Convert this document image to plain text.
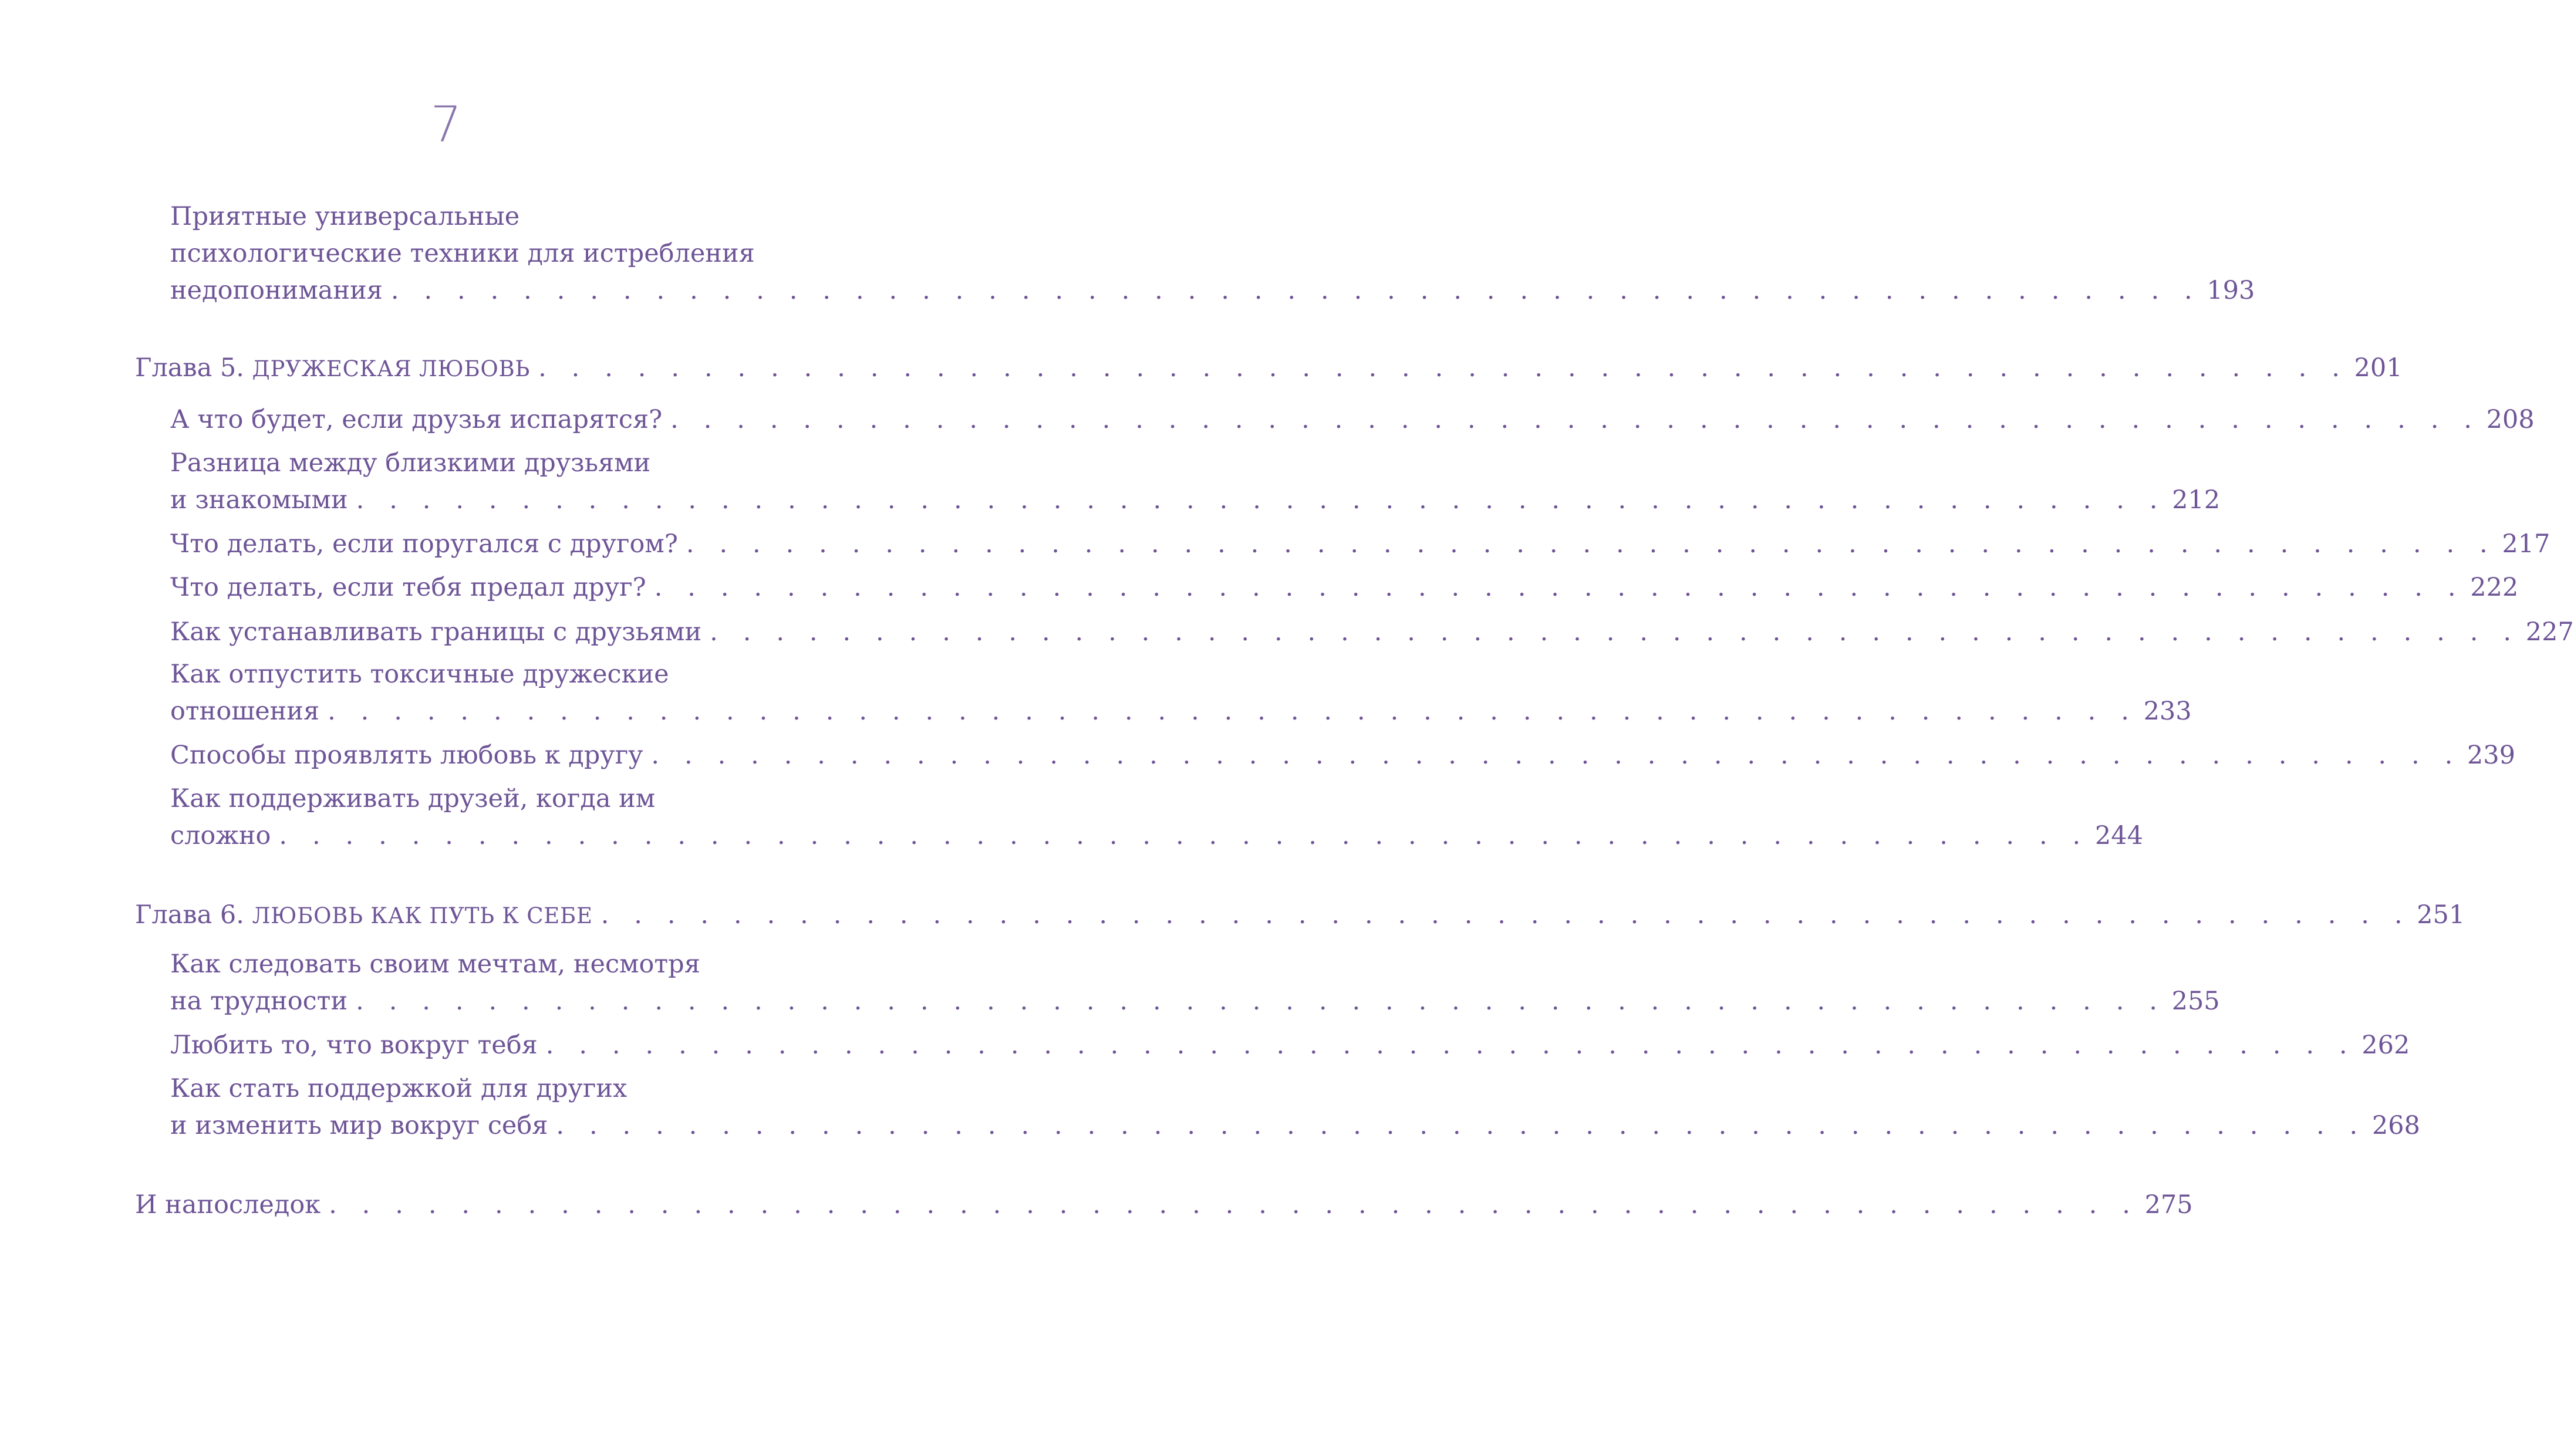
7
Приятные универсальные
психологические техники для истребления
недопонимания . . . . . . . . . . . . . . . . . . . . . . . . . . . . . . . . . . . . . . . . . . . . . . . . . . . . . . . 193
Глава 5. ДРУЖЕСКАЯ ЛЮБОВЬ . . . . . . . . . . . . . . . . . . . . . . . . . . . . . . . . . . . . . . . . . . . . . . . . . . . . . . . 201
А что будет, если друзья испарятся? . . . . . . . . . . . . . . . . . . . . . . . . . . . . . . . . . . . . . . . . . . . . . . . . . . . . . . . 208
Разница между близкими друзьями
и знакомыми . . . . . . . . . . . . . . . . . . . . . . . . . . . . . . . . . . . . . . . . . . . . . . . . . . . . . . . 212
Что делать, если поругался с другом? . . . . . . . . . . . . . . . . . . . . . . . . . . . . . . . . . . . . . . . . . . . . . . . . . . . . . . . 217
Что делать, если тебя предал друг? . . . . . . . . . . . . . . . . . . . . . . . . . . . . . . . . . . . . . . . . . . . . . . . . . . . . . . . 222
Как устанавливать границы с друзьями . . . . . . . . . . . . . . . . . . . . . . . . . . . . . . . . . . . . . . . . . . . . . . . . . . . . . . . 227
Как отпустить токсичные дружеские
отношения . . . . . . . . . . . . . . . . . . . . . . . . . . . . . . . . . . . . . . . . . . . . . . . . . . . . . . . 233
Способы проявлять любовь к другу . . . . . . . . . . . . . . . . . . . . . . . . . . . . . . . . . . . . . . . . . . . . . . . . . . . . . . . 239
Как поддерживать друзей, когда им
сложно . . . . . . . . . . . . . . . . . . . . . . . . . . . . . . . . . . . . . . . . . . . . . . . . . . . . . . . 244
Глава 6. ЛЮБОВЬ КАК ПУТЬ К СЕБЕ . . . . . . . . . . . . . . . . . . . . . . . . . . . . . . . . . . . . . . . . . . . . . . . . . . . . . . . 251
Как следовать своим мечтам, несмотря
на трудности . . . . . . . . . . . . . . . . . . . . . . . . . . . . . . . . . . . . . . . . . . . . . . . . . . . . . . . 255
Любить то, что вокруг тебя . . . . . . . . . . . . . . . . . . . . . . . . . . . . . . . . . . . . . . . . . . . . . . . . . . . . . . . 262
Как стать поддержкой для других
и изменить мир вокруг себя . . . . . . . . . . . . . . . . . . . . . . . . . . . . . . . . . . . . . . . . . . . . . . . . . . . . . . . 268
И напоследок . . . . . . . . . . . . . . . . . . . . . . . . . . . . . . . . . . . . . . . . . . . . . . . . . . . . . . . 275
